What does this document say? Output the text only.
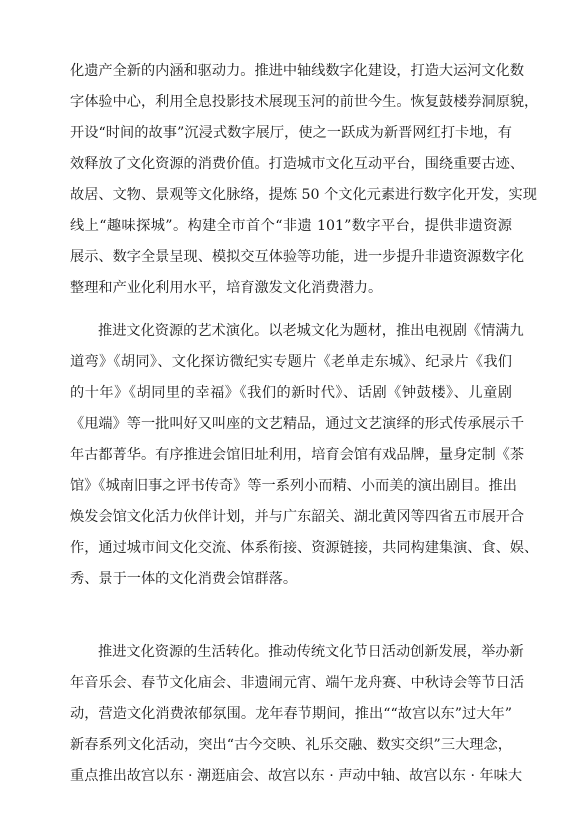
化遗产全新的内涵和驱动力。推进中轴线数字化建设，打造大运河文化数
字体验中心，利用全息投影技术展现玉河的前世今生。恢复鼓楼券洞原貌，
开设“时间的故事”沉浸式数字展厅，使之一跃成为新晋网红打卡地，有
效释放了文化资源的消费价值。打造城市文化互动平台，围绕重要古迹、
故居、文物、景观等文化脉络，提炼 50 个文化元素进行数字化开发，实现
线上“趣味探城”。构建全市首个“非遗 101”数字平台，提供非遗资源
展示、数字全景呈现、模拟交互体验等功能，进一步提升非遗资源数字化
整理和产业化利用水平，培育激发文化消费潜力。
推进文化资源的艺术演化。以老城文化为题材，推出电视剧《情满九
道弯》《胡同》、文化探访微纪实专题片《老单走东城》、纪录片《我们
的十年》《胡同里的幸福》《我们的新时代》、话剧《钟鼓楼》、儿童剧
《甩端》等一批叫好又叫座的文艺精品，通过文艺演绎的形式传承展示千
年古都菁华。有序推进会馆旧址利用，培育会馆有戏品牌，量身定制《茶
馆》《城南旧事之评书传奇》等一系列小而精、小而美的演出剧目。推出
焕发会馆文化活力伙伴计划，并与广东韶关、湖北黄冈等四省五市展开合
作，通过城市间文化交流、体系衔接、资源链接，共同构建集演、食、娱、
秀、景于一体的文化消费会馆群落。
推进文化资源的生活转化。推动传统文化节日活动创新发展，举办新
年音乐会、春节文化庙会、非遗闹元宵、端午龙舟赛、中秋诗会等节日活
动，营造文化消费浓郁氛围。龙年春节期间，推出““故宫以东”过大年”
新春系列文化活动，突出“古今交映、礼乐交融、数实交织”三大理念，
重点推出故宫以东 · 潮逛庙会、故宫以东 · 声动中轴、故宫以东 · 年味大
